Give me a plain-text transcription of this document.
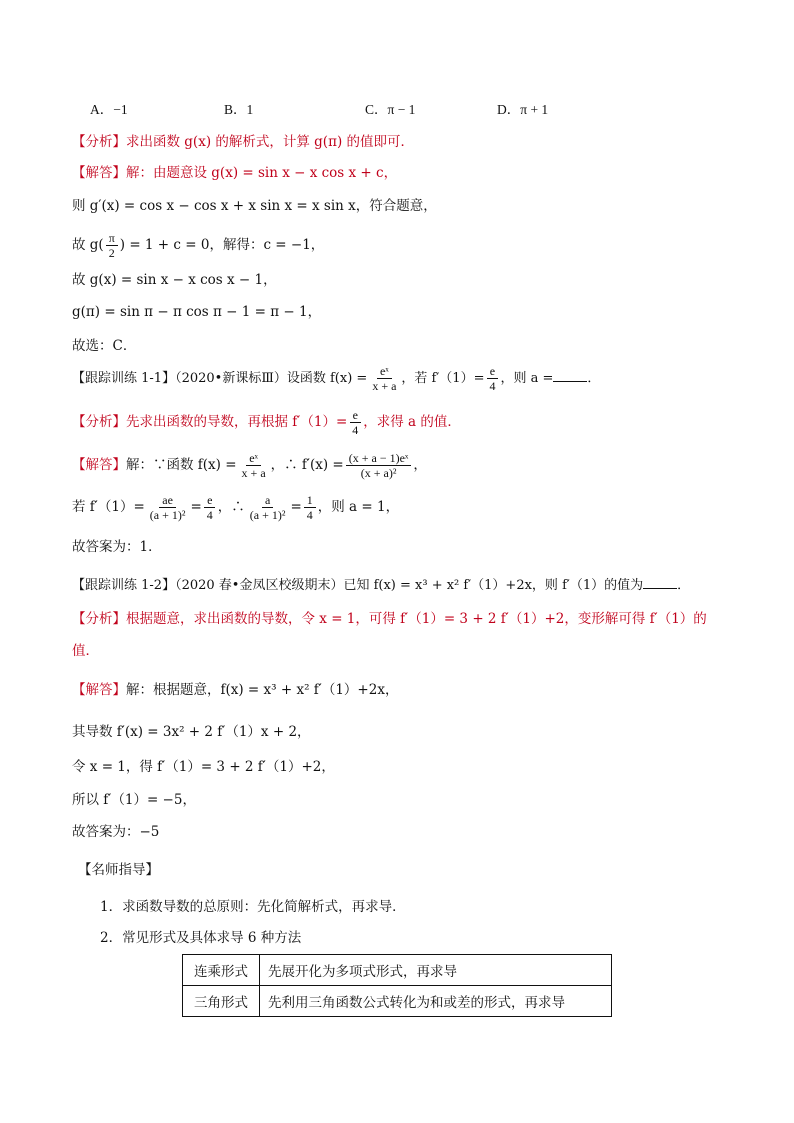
A．−1	B．1	C．π − 1	D．π + 1
【分析】求出函数 g(x) 的解析式，计算 g(π) 的值即可．
【解答】解：由题意设 g(x) = sin x − x cos x + c，
则 g′(x) = cos x − cos x + x sin x = x sin x，符合题意，
故 $g( \frac{\pi}{2}$ ) = 1 + c = 0，解得：c = −1，
故 g(x) = sin x − x cos x − 1，
g(π) = sin π − π cos π − 1 = π − 1，
故选：C．
【跟踪训练 1-1】（2020•新课标Ⅲ）设函数 $f(x) = \frac{\text{eˣ}}{x + a}$ ，若 $f'(1)= \frac{e}{4}$ ，则 a =	．
【分析】先求出函数的导数，再根据 $f'(1)= \frac{e}{4}$ ，求得 a 的值．
【解答】解：∵函数 $f(x) = \frac{\text{eˣ}}{x + a}$ ，∴ $f'(x) = \frac{\text{(x + a − 1)eˣ}}{\text{(x + a)²}}$ ，
若 $f'(1)= \frac{ae}{\text{(a + 1)²}} = \frac{e}{4}$ ，∴ $\frac{a}{\text{(a + 1)²}} = \frac{1}{4}$ ，则 a = 1，
故答案为：1．
【跟踪训练 1-2】（2020 春•金凤区校级期末）已知 f(x) = x³ + x² f′（1）+2x，则 f′（1）的值为	．
【分析】根据题意，求出函数的导数，令 x = 1，可得 f′（1）= 3 + 2 f′（1）+2，变形解可得 f′（1）的
值．
【解答】解：根据题意，f(x) = x³ + x² f′（1）+2x，
其导数 f′(x) = 3x² + 2 f′（1）x + 2，
令 x = 1，得 f′（1）= 3 + 2 f′（1）+2，
所以 f′（1）= −5，
故答案为：−5
【名师指导】
1．求函数导数的总原则：先化简解析式，再求导．
2．常见形式及具体求导 6 种方法
连乘形式	先展开化为多项式形式，再求导
三角形式	先利用三角函数公式转化为和或差的形式，再求导
